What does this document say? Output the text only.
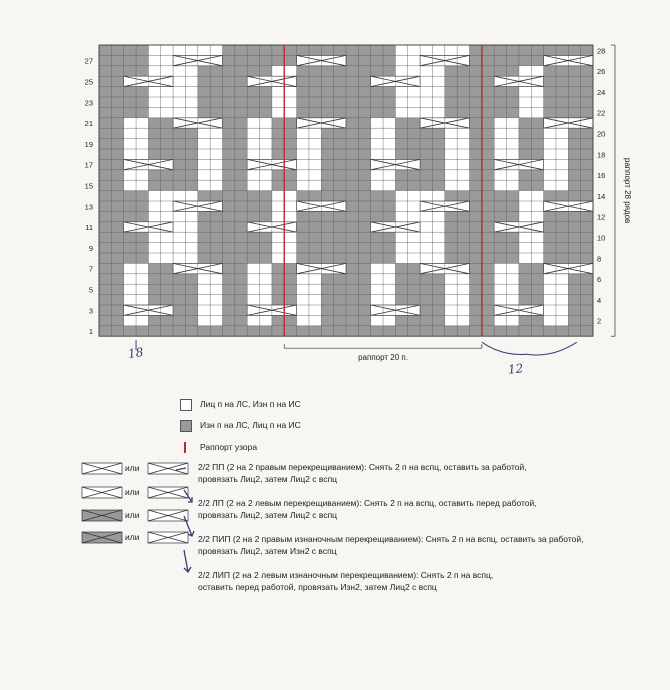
1
3
5
7
9
11
13
15
17
19
21
23
25
27
2
4
6
8
10
12
14
16
18
20
22
24
26
28
раппорт 28 рядов
раппорт 20 п.
18
12
Лиц п на ЛС, Изн п на ИС
Изн п на ЛС, Лиц п на ИС
Раппорт узора
или
или
или
или
2/2 ПП (2 на 2 правым перекрещиванием): Снять 2 п на вспц, оставить за работой,
провязать Лиц2, затем Лиц2 с вспц
2/2 ЛП (2 на 2 левым перекрещиванием): Снять 2 п на вспц, оставить перед работой,
провязать Лиц2, затем Лиц2 с вспц
2/2 ПИП (2 на 2 правым изнаночным перекрещиванием): Снять 2 п на вспц, оставить за работой,
провязать Лиц2, затем Изн2 с вспц
2/2 ЛИП (2 на 2 левым изнаночным перекрещиванием): Снять 2 п на вспц,
оставить перед работой, провязать Изн2, затем Лиц2 с вспц
